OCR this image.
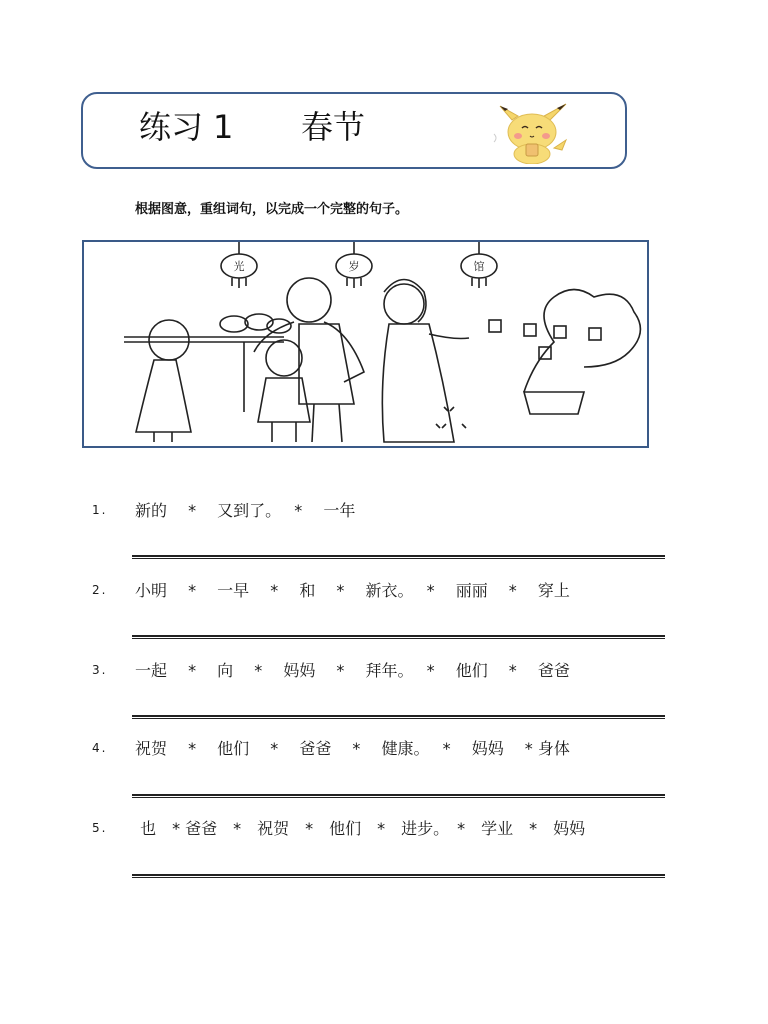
练习 1 春节
根据图意，重组词句，以完成一个完整的句子。
光	岁	馆
1. 新的　 *　 又到了。　 *　 一年
2. 小明　 *　 一早　 *　 和　 *　 新衣。　 *　 丽丽　 *　 穿上
3. 一起　 *　 向　 *　 妈妈　 *　 拜年。　 *　 他们　 *　 爸爸
4. 祝贺　 *　 他们　 *　 爸爸　 *　 健康。　 *　 妈妈　 * 身体
5. 也　* 爸爸　*　祝贺　*　他们　*　进步。　*　学业　*　妈妈
